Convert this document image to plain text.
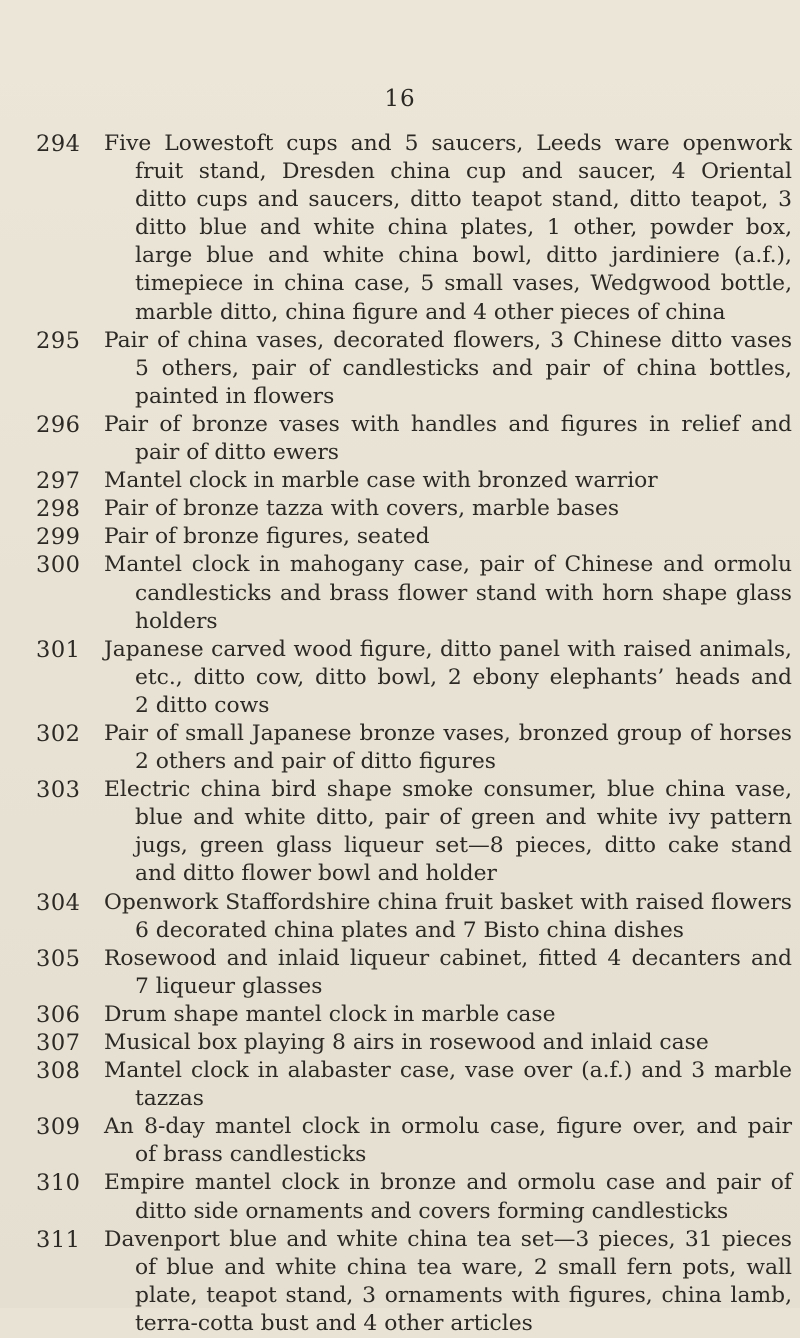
16
294	Five Lowestoft cups and 5 saucers, Leeds ware openwork
fruit stand, Dresden china cup and saucer, 4 Oriental
ditto cups and saucers, ditto teapot stand, ditto teapot, 3
ditto blue and white china plates, 1 other, powder box,
large blue and white china bowl, ditto jardiniere (a.f.),
timepiece in china case, 5 small vases, Wedgwood bottle,
marble ditto, china figure and 4 other pieces of china
295	Pair of china vases, decorated flowers, 3 Chinese ditto vases
5 others, pair of candlesticks and pair of china bottles,
painted in flowers
296	Pair of bronze vases with handles and figures in relief and
pair of ditto ewers
297	Mantel clock in marble case with bronzed warrior
298	Pair of bronze tazza with covers, marble bases
299	Pair of bronze figures, seated
300	Mantel clock in mahogany case, pair of Chinese and ormolu
candlesticks and brass flower stand with horn shape glass
holders
301	Japanese carved wood figure, ditto panel with raised animals,
etc., ditto cow, ditto bowl, 2 ebony elephants’ heads and
2 ditto cows
302	Pair of small Japanese bronze vases, bronzed group of horses
2 others and pair of ditto figures
303	Electric china bird shape smoke consumer, blue china vase,
blue and white ditto, pair of green and white ivy pattern
jugs, green glass liqueur set—8 pieces, ditto cake stand
and ditto flower bowl and holder
304	Openwork Staffordshire china fruit basket with raised flowers
6 decorated china plates and 7 Bisto china dishes
305	Rosewood and inlaid liqueur cabinet, fitted 4 decanters and
7 liqueur glasses
306	Drum shape mantel clock in marble case
307	Musical box playing 8 airs in rosewood and inlaid case
308	Mantel clock in alabaster case, vase over (a.f.) and 3 marble
tazzas
309	An 8-day mantel clock in ormolu case, figure over, and pair
of brass candlesticks
310	Empire mantel clock in bronze and ormolu case and pair of
ditto side ornaments and covers forming candlesticks
311	Davenport blue and white china tea set—3 pieces, 31 pieces
of blue and white china tea ware, 2 small fern pots, wall
plate, teapot stand, 3 ornaments with figures, china lamb,
terra-cotta bust and 4 other articles
